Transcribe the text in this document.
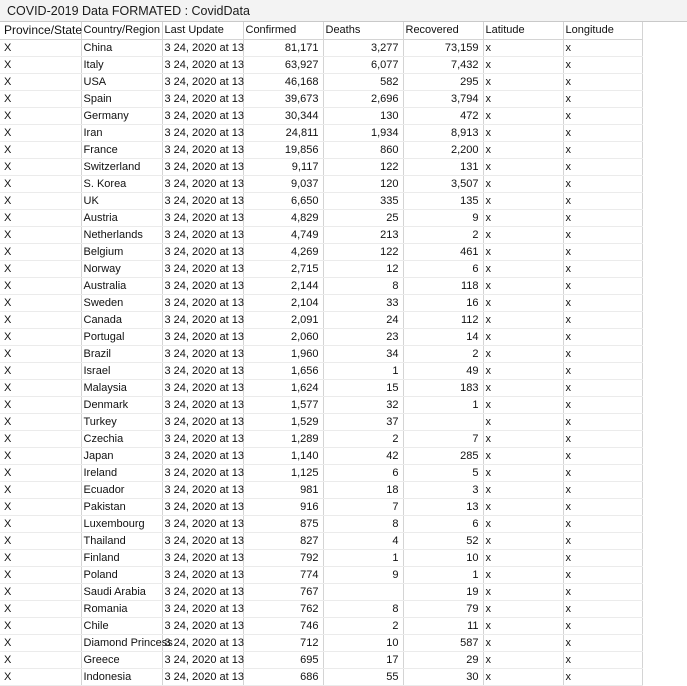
COVID-2019 Data FORMATED : CovidData
Province/State	Country/Region	Last Update	Confirmed	Deaths	Recovered	Latitude	Longitude
X	China	3 24, 2020 at 13	81,171	3,277	73,159	x	x
X	Italy	3 24, 2020 at 13	63,927	6,077	7,432	x	x
X	USA	3 24, 2020 at 13	46,168	582	295	x	x
X	Spain	3 24, 2020 at 13	39,673	2,696	3,794	x	x
X	Germany	3 24, 2020 at 13	30,344	130	472	x	x
X	Iran	3 24, 2020 at 13	24,811	1,934	8,913	x	x
X	France	3 24, 2020 at 13	19,856	860	2,200	x	x
X	Switzerland	3 24, 2020 at 13	9,117	122	131	x	x
X	S. Korea	3 24, 2020 at 13	9,037	120	3,507	x	x
X	UK	3 24, 2020 at 13	6,650	335	135	x	x
X	Austria	3 24, 2020 at 13	4,829	25	9	x	x
X	Netherlands	3 24, 2020 at 13	4,749	213	2	x	x
X	Belgium	3 24, 2020 at 13	4,269	122	461	x	x
X	Norway	3 24, 2020 at 13	2,715	12	6	x	x
X	Australia	3 24, 2020 at 13	2,144	8	118	x	x
X	Sweden	3 24, 2020 at 13	2,104	33	16	x	x
X	Canada	3 24, 2020 at 13	2,091	24	112	x	x
X	Portugal	3 24, 2020 at 13	2,060	23	14	x	x
X	Brazil	3 24, 2020 at 13	1,960	34	2	x	x
X	Israel	3 24, 2020 at 13	1,656	1	49	x	x
X	Malaysia	3 24, 2020 at 13	1,624	15	183	x	x
X	Denmark	3 24, 2020 at 13	1,577	32	1	x	x
X	Turkey	3 24, 2020 at 13	1,529	37		x	x
X	Czechia	3 24, 2020 at 13	1,289	2	7	x	x
X	Japan	3 24, 2020 at 13	1,140	42	285	x	x
X	Ireland	3 24, 2020 at 13	1,125	6	5	x	x
X	Ecuador	3 24, 2020 at 13	981	18	3	x	x
X	Pakistan	3 24, 2020 at 13	916	7	13	x	x
X	Luxembourg	3 24, 2020 at 13	875	8	6	x	x
X	Thailand	3 24, 2020 at 13	827	4	52	x	x
X	Finland	3 24, 2020 at 13	792	1	10	x	x
X	Poland	3 24, 2020 at 13	774	9	1	x	x
X	Saudi Arabia	3 24, 2020 at 13	767		19	x	x
X	Romania	3 24, 2020 at 13	762	8	79	x	x
X	Chile	3 24, 2020 at 13	746	2	11	x	x
X	Diamond Princess	3 24, 2020 at 13	712	10	587	x	x
X	Greece	3 24, 2020 at 13	695	17	29	x	x
X	Indonesia	3 24, 2020 at 13	686	55	30	x	x
